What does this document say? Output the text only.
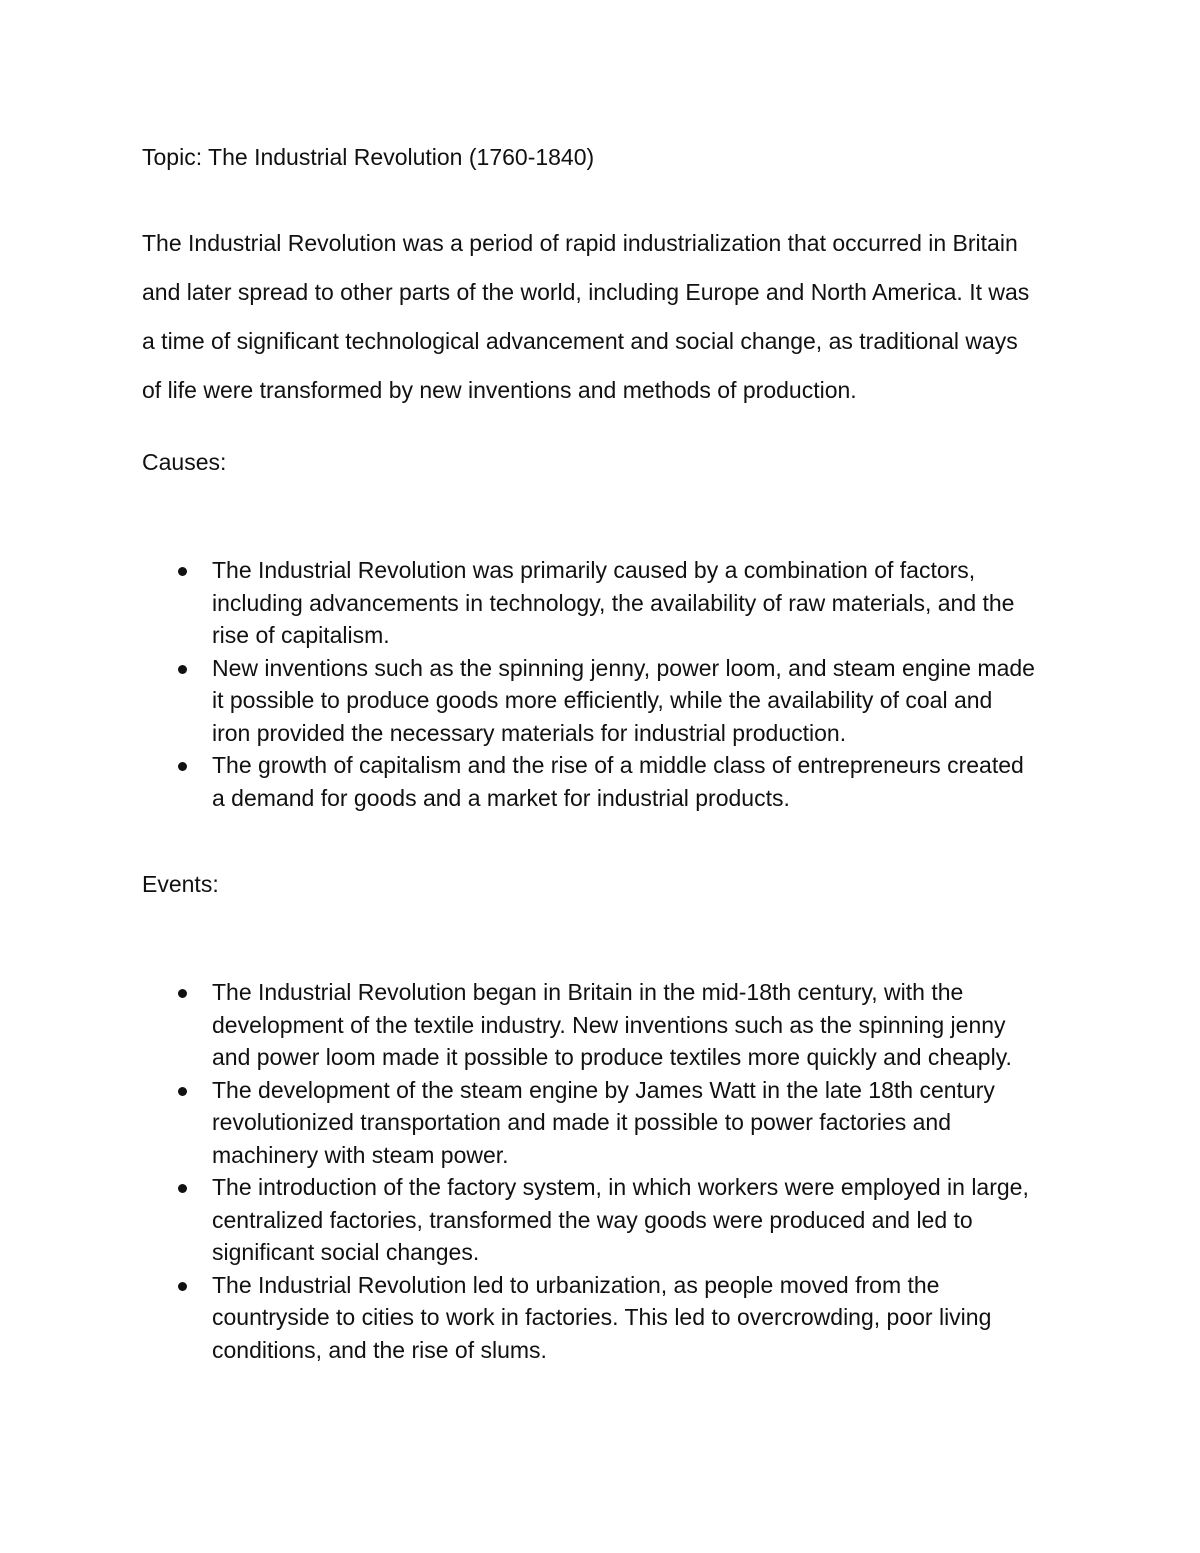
Topic: The Industrial Revolution (1760-1840)

The Industrial Revolution was a period of rapid industrialization that occurred in Britain
and later spread to other parts of the world, including Europe and North America. It was
a time of significant technological advancement and social change, as traditional ways
of life were transformed by new inventions and methods of production.

Causes:
The Industrial Revolution was primarily caused by a combination of factors,
including advancements in technology, the availability of raw materials, and the
rise of capitalism.
New inventions such as the spinning jenny, power loom, and steam engine made
it possible to produce goods more efficiently, while the availability of coal and
iron provided the necessary materials for industrial production.
The growth of capitalism and the rise of a middle class of entrepreneurs created
a demand for goods and a market for industrial products.
Events:
The Industrial Revolution began in Britain in the mid-18th century, with the
development of the textile industry. New inventions such as the spinning jenny
and power loom made it possible to produce textiles more quickly and cheaply.
The development of the steam engine by James Watt in the late 18th century
revolutionized transportation and made it possible to power factories and
machinery with steam power.
The introduction of the factory system, in which workers were employed in large,
centralized factories, transformed the way goods were produced and led to
significant social changes.
The Industrial Revolution led to urbanization, as people moved from the
countryside to cities to work in factories. This led to overcrowding, poor living
conditions, and the rise of slums.
